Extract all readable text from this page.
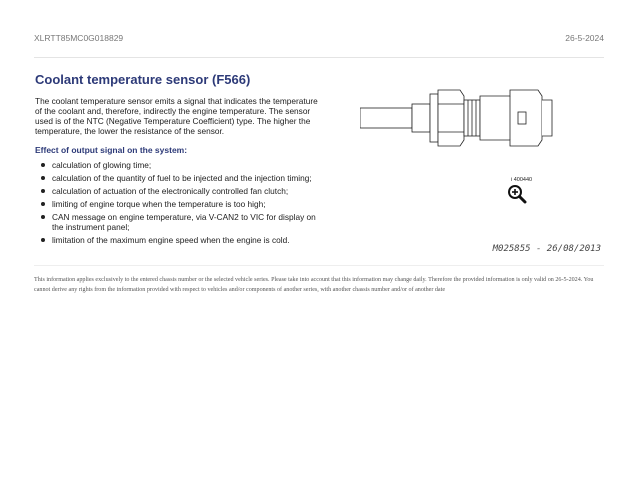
XLRTT85MC0G018829	26-5-2024
Coolant temperature sensor (F566)
The coolant temperature sensor emits a signal that indicates the temperature of the coolant and, therefore, indirectly the engine temperature. The sensor used is of the NTC (Negative Temperature Coefficient) type. The higher the temperature, the lower the resistance of the sensor.
Effect of output signal on the system:
calculation of glowing time;
calculation of the quantity of fuel to be injected and the injection timing;
calculation of actuation of the electronically controlled fan clutch;
limiting of engine torque when the temperature is too high;
CAN message on engine temperature, via V-CAN2 to VIC for display on the instrument panel;
limitation of the maximum engine speed when the engine is cold.
i 400440
M025855 - 26/08/2013
This information applies exclusively to the entered chassis number or the selected vehicle series. Please take into account that this information may change daily. Therefore the provided information is only valid on 26-5-2024. You cannot derive any rights from the information provided with respect to vehicles and/or components of another series, with another chassis number and/or of another date
